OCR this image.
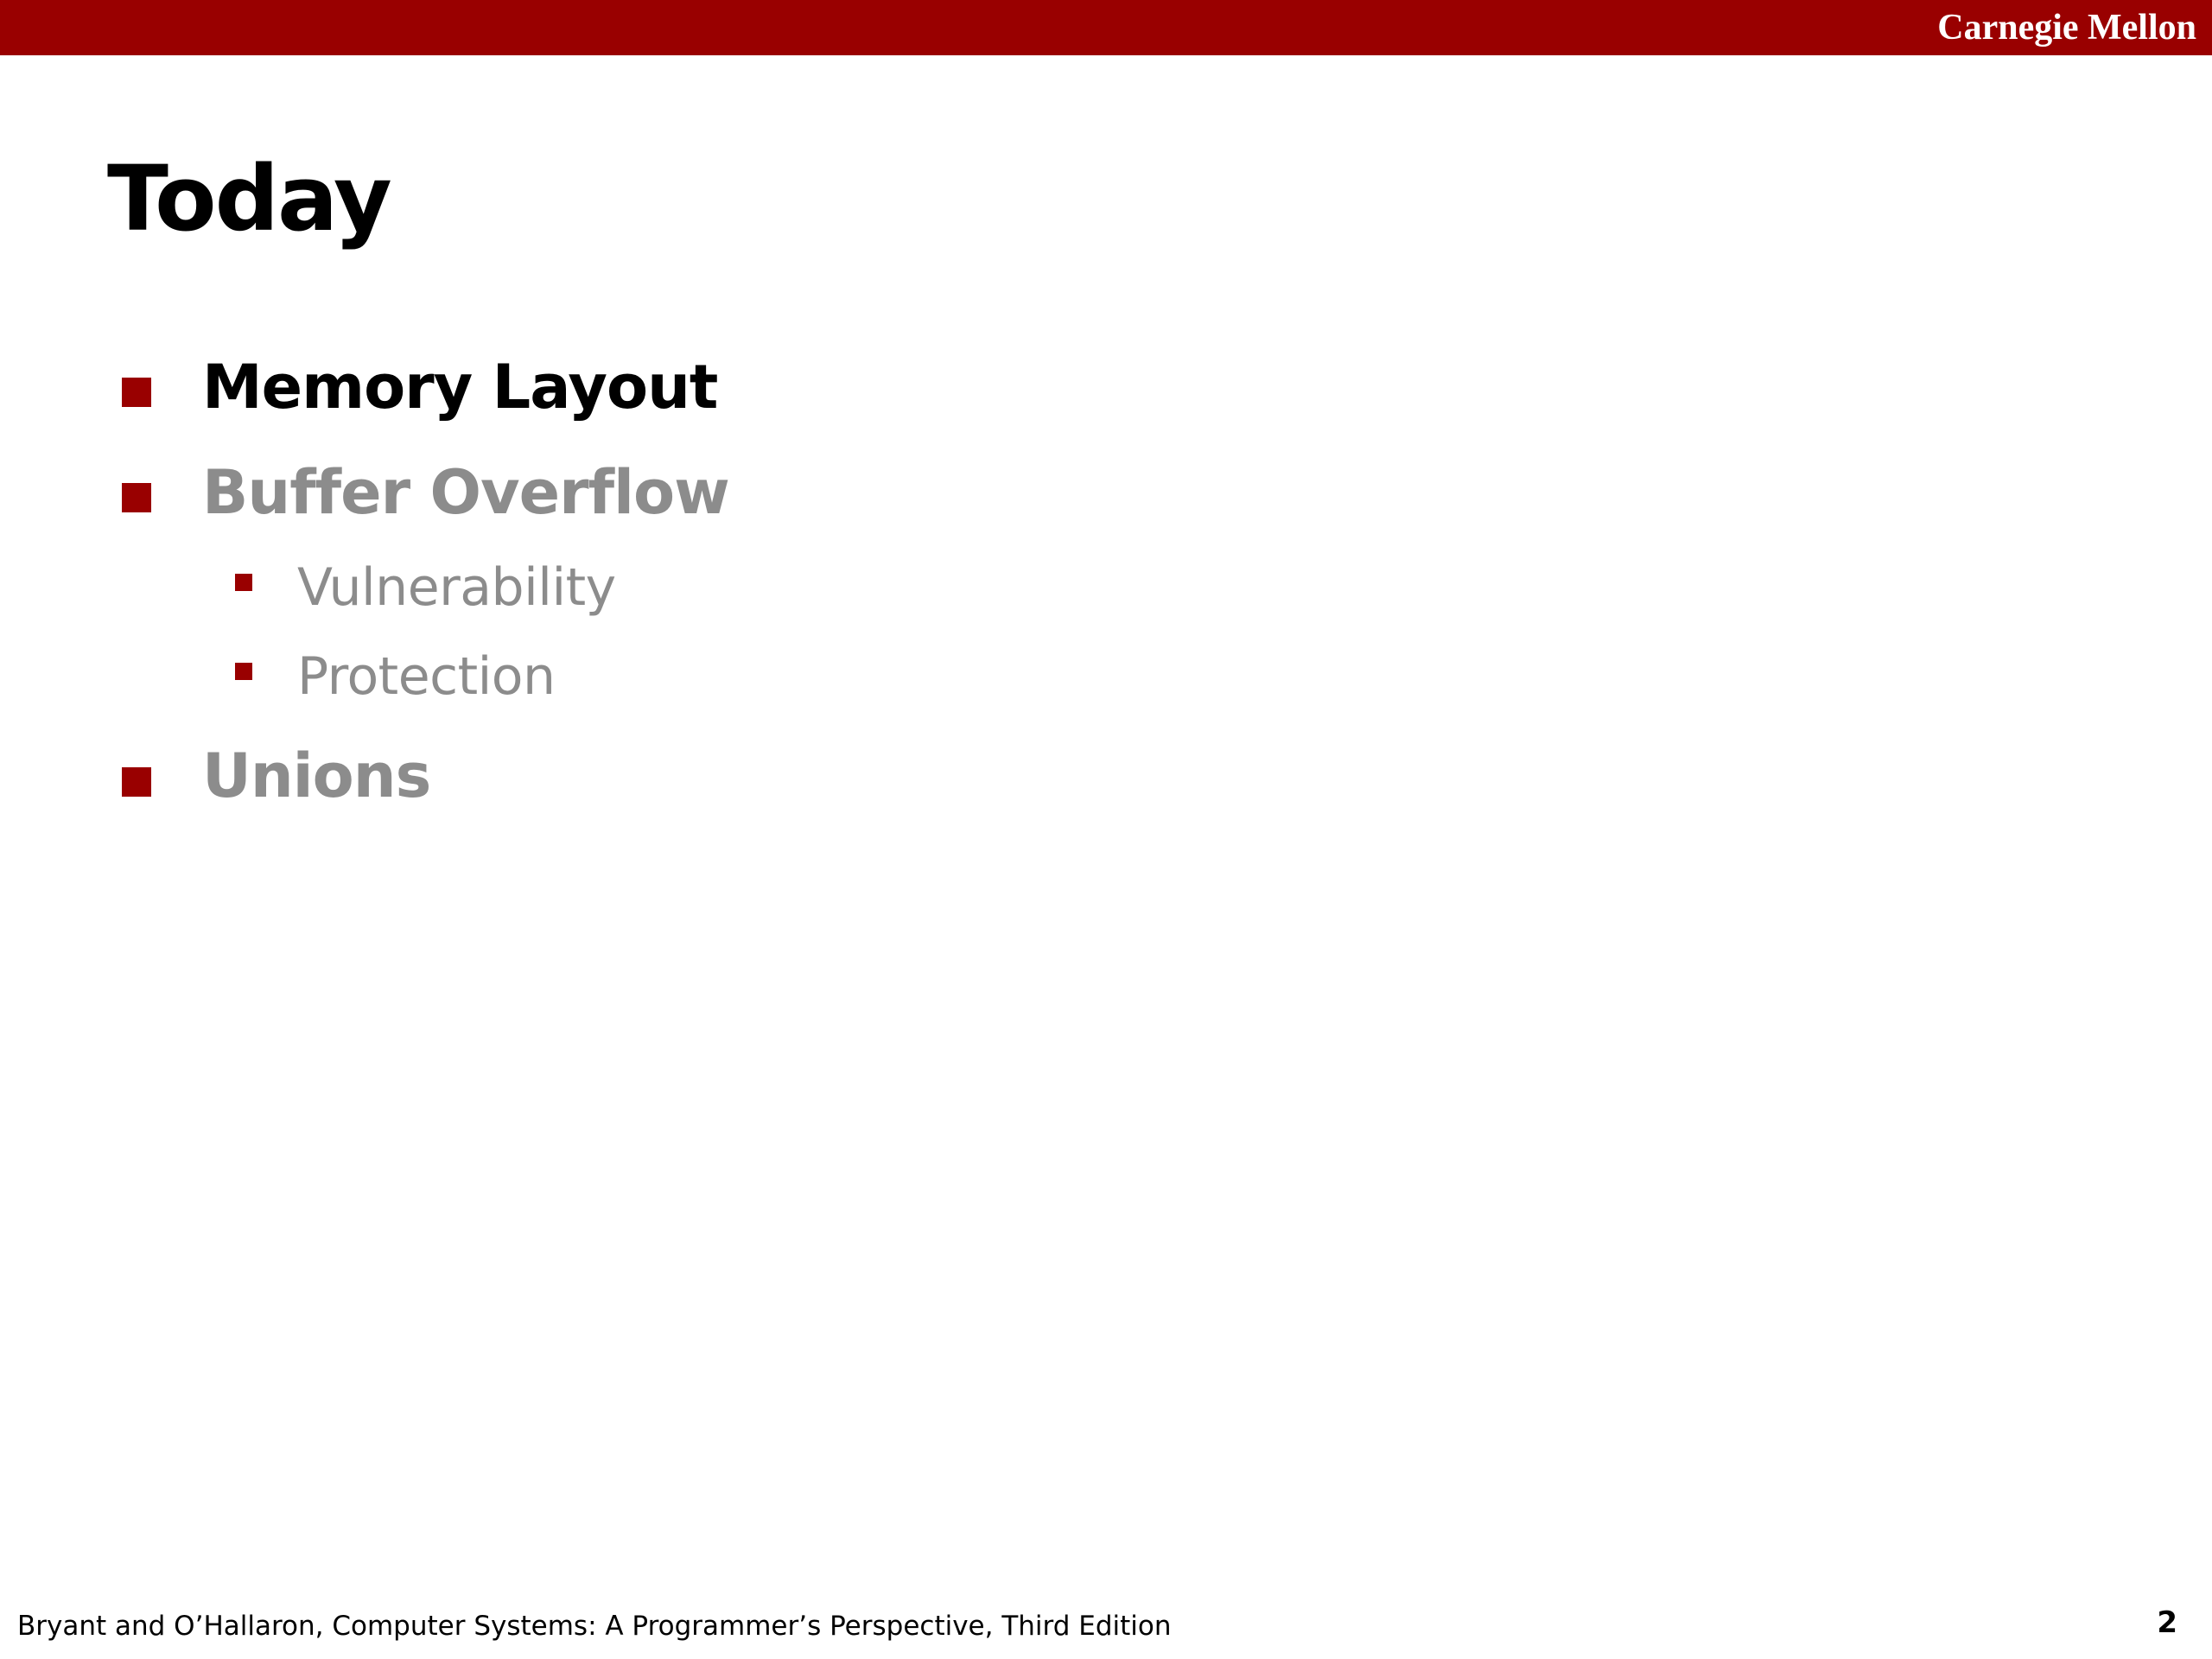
Carnegie Mellon
Today
Memory Layout
Buffer Overflow
Vulnerability
Protection
Unions
Bryant and O’Hallaron, Computer Systems: A Programmer’s Perspective, Third Edition	2
